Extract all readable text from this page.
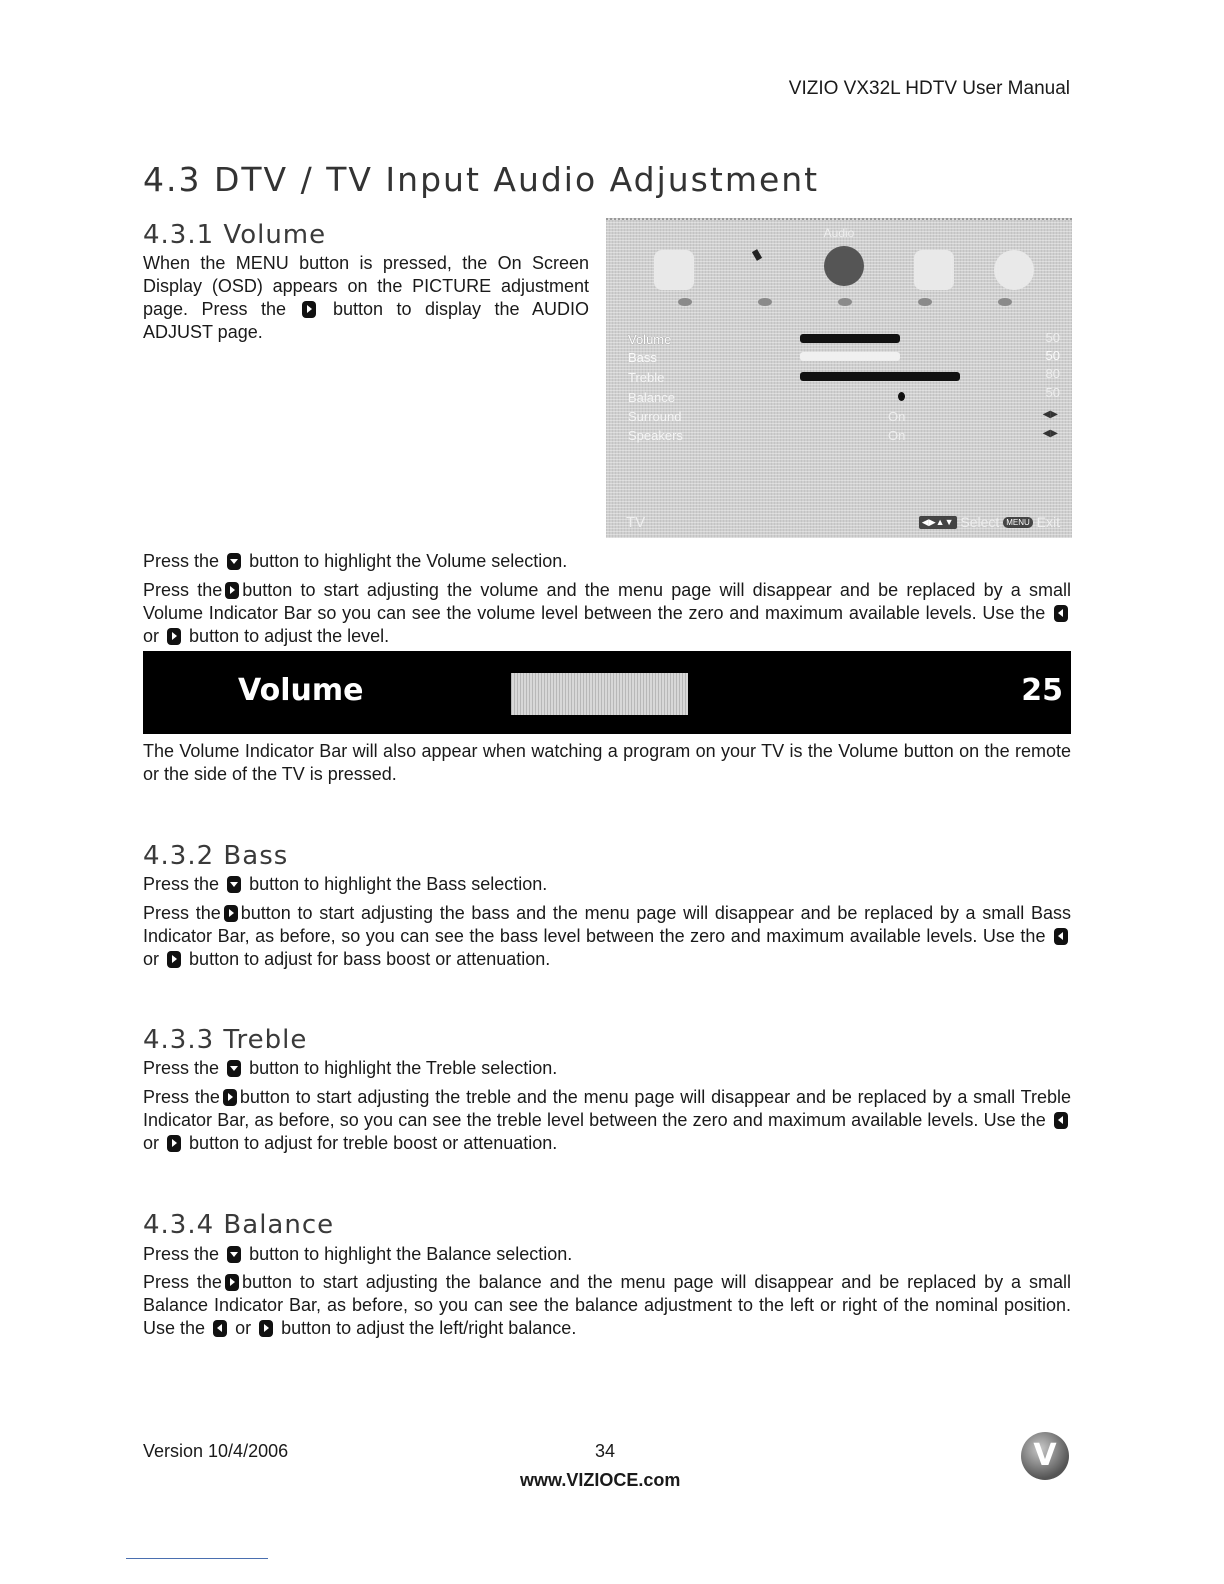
VIZIO VX32L HDTV User Manual
4.3 DTV / TV Input Audio Adjustment
4.3.1 Volume

When the MENU button is pressed, the On Screen Display (OSD) appears on the PICTURE adjustment page. Press the	button to display the AUDIO ADJUST page.

Audio
Volume	50
Bass	50
Treble	80
Balance	50
Surround	On	◀▶
Speakers	On	◀▶
TV	◀▶▲▼ Select MENU Exit

Press the button to highlight the Volume selection.

Press the button to start adjusting the volume and the menu page will disappear and be replaced by a small Volume Indicator Bar so you can see the volume level between the zero and maximum available levels. Use the  or button to adjust the level.

Volume	25

The Volume Indicator Bar will also appear when watching a program on your TV is the Volume button on the remote or the side of the TV is pressed.

4.3.2 Bass

Press the button to highlight the Bass selection.

Press the button to start adjusting the bass and the menu page will disappear and be replaced by a small Bass Indicator Bar, as before, so you can see the bass level between the zero and maximum available levels. Use the  or button to adjust for bass boost or attenuation.

4.3.3 Treble

Press the button to highlight the Treble selection.

Press the button to start adjusting the treble and the menu page will disappear and be replaced by a small Treble Indicator Bar, as before, so you can see the treble level between the zero and maximum available levels. Use the  or button to adjust for treble boost or attenuation.

4.3.4 Balance

Press the button to highlight the Balance selection.

Press the button to start adjusting the balance and the menu page will disappear and be replaced by a small Balance Indicator Bar, as before, so you can see the balance adjustment to the left or right of the nominal position. Use the or button to adjust the left/right balance.

Version 10/4/2006	34
www.VIZIOCE.com
V
